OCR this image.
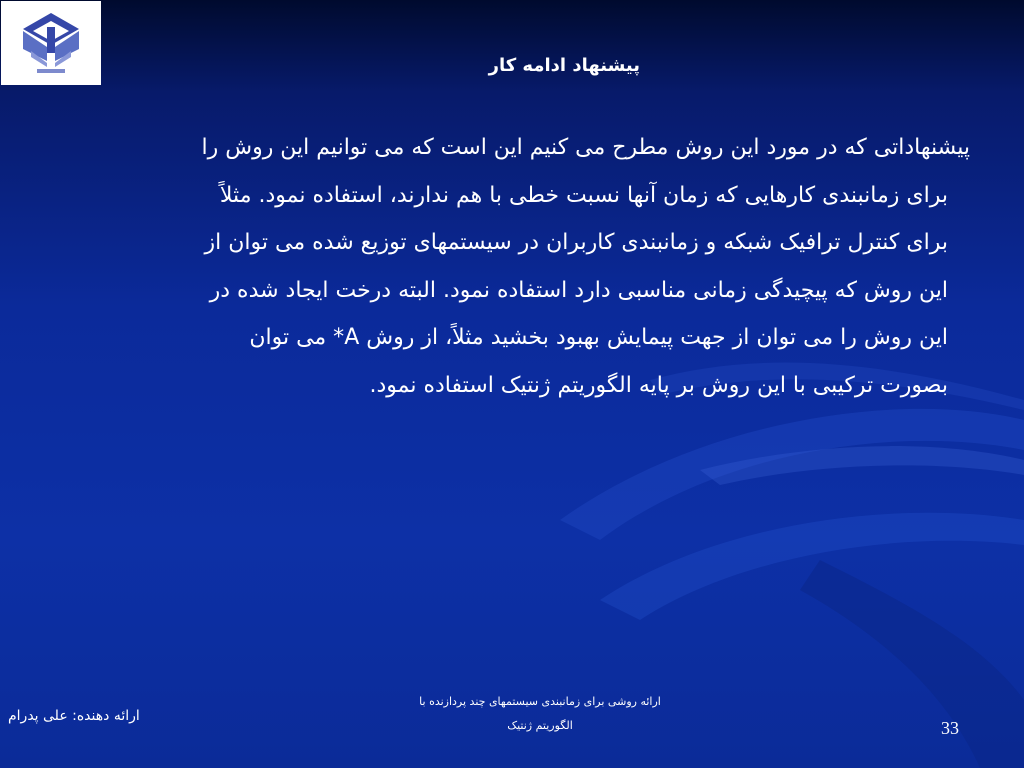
پیشنهاد ادامه کار
پیشنهاداتی که در مورد این روش مطرح می کنیم این است که می توانیم این روش را
برای زمانبندی کارهایی که زمان آنها نسبت خطی با هم ندارند، استفاده نمود. مثلاً
برای کنترل ترافیک شبکه و زمانبندی کاربران در سیستمهای توزیع شده می توان از
این روش که پیچیدگی زمانی مناسبی دارد استفاده نمود. البته درخت ایجاد شده در
این روش را می توان از جهت پیمایش بهبود بخشید مثلاً، از روش A* می توان
بصورت ترکیبی با این روش بر پایه الگوریتم ژنتیک استفاده نمود.
ارائه دهنده: علی پدرام
ارائه روشی برای زمانبندی سیستمهای چند پردازنده با
الگوریتم ژنتیک	33
